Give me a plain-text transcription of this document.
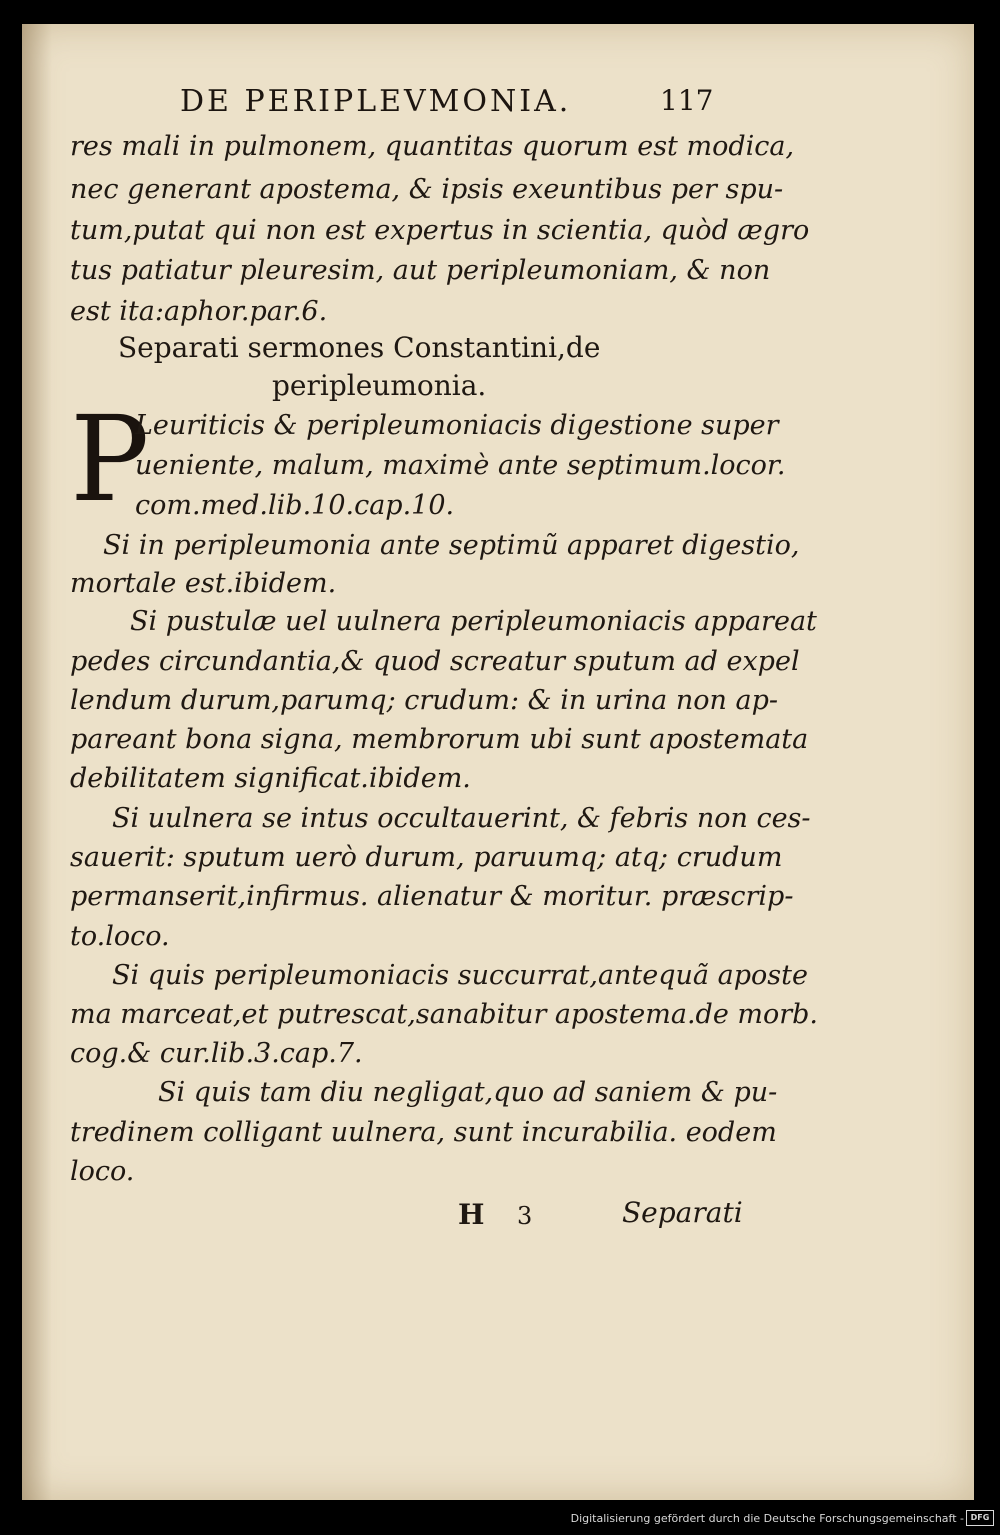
DE PERIPLEVMONIA.	117
res mali in pulmonem, quantitas quorum est modica,
nec generant apostema, & ipsis exeuntibus per spu-
tum,putat qui non est expertus in scientia, quòd ægro
tus patiatur pleuresim, aut peripleumoniam, & non
est ita:aphor.par.6.
Separati sermones Constantini,de
peripleumonia.
P
Leuriticis & peripleumoniacis digestione super
ueniente, malum, maximè ante septimum.locor.
com.med.lib.10.cap.10.
Si in peripleumonia ante septimũ apparet digestio,
mortale est.ibidem.
Si pustulæ uel uulnera peripleumoniacis appareat
pedes circundantia,& quod screatur sputum ad expel
lendum durum,parumq; crudum: & in urina non ap-
pareant bona signa, membrorum ubi sunt apostemata
debilitatem significat.ibidem.
Si uulnera se intus occultauerint, & febris non ces-
sauerit: sputum uerò durum, paruumq; atq; crudum
permanserit,infirmus. alienatur & moritur. præscrip-
to.loco.
Si quis peripleumoniacis succurrat,antequã aposte
ma marceat,et putrescat,sanabitur apostema.de morb.
cog.& cur.lib.3.cap.7.
Si quis tam diu negligat,quo ad saniem & pu-
tredinem colligant uulnera, sunt incurabilia. eodem
loco.
H 3	Separati
Digitalisierung gefördert durch die Deutsche Forschungsgemeinschaft - DFG
